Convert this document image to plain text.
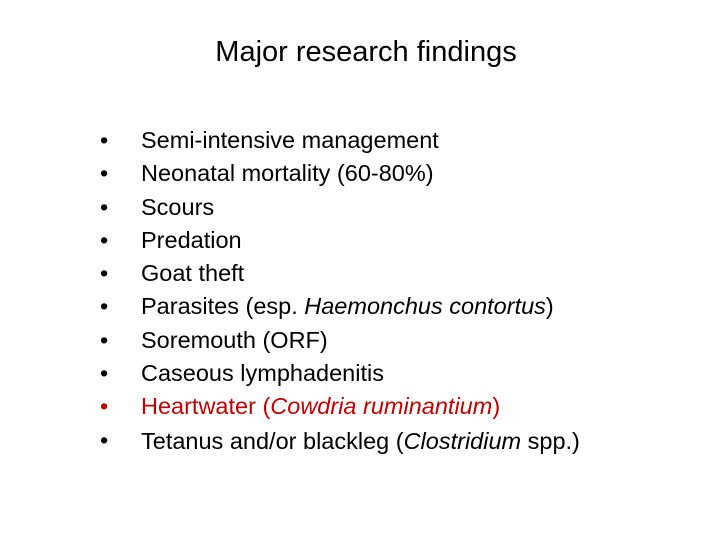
Major research findings
•	Semi-intensive management
•	Neonatal mortality (60-80%)
•	Scours
•	Predation
•	Goat theft
•	Parasites (esp. Haemonchus contortus)
•	Soremouth (ORF)
•	Caseous lymphadenitis
•	Heartwater (Cowdria ruminantium)
•	Tetanus and/or blackleg (Clostridium spp.)
